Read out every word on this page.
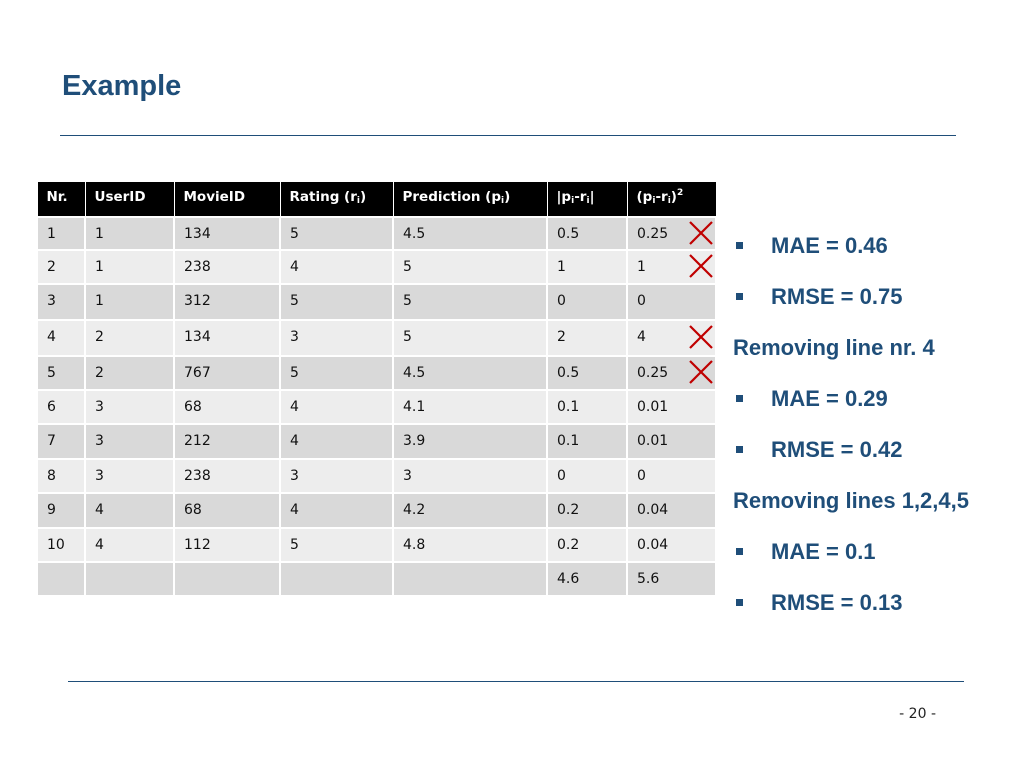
Example
Nr.	UserID	MovieID	Rating $(r_i)$	Prediction $(p_i)$	$|p_i-r_i|$	$(p_i-r_i)^2$
1	1	134	5	4.5	0.5	0.25
2	1	238	4	5	1	1
3	1	312	5	5	0	0
4	2	134	3	5	2	4
5	2	767	5	4.5	0.5	0.25
6	3	68	4	4.1	0.1	0.01
7	3	212	4	3.9	0.1	0.01
8	3	238	3	3	0	0
9	4	68	4	4.2	0.2	0.04
10	4	112	5	4.8	0.2	0.04
					4.6	5.6
MAE = 0.46
RMSE = 0.75
Removing line nr. 4
MAE = 0.29
RMSE = 0.42
Removing lines 1,2,4,5
MAE = 0.1
RMSE = 0.13
- 20 -
